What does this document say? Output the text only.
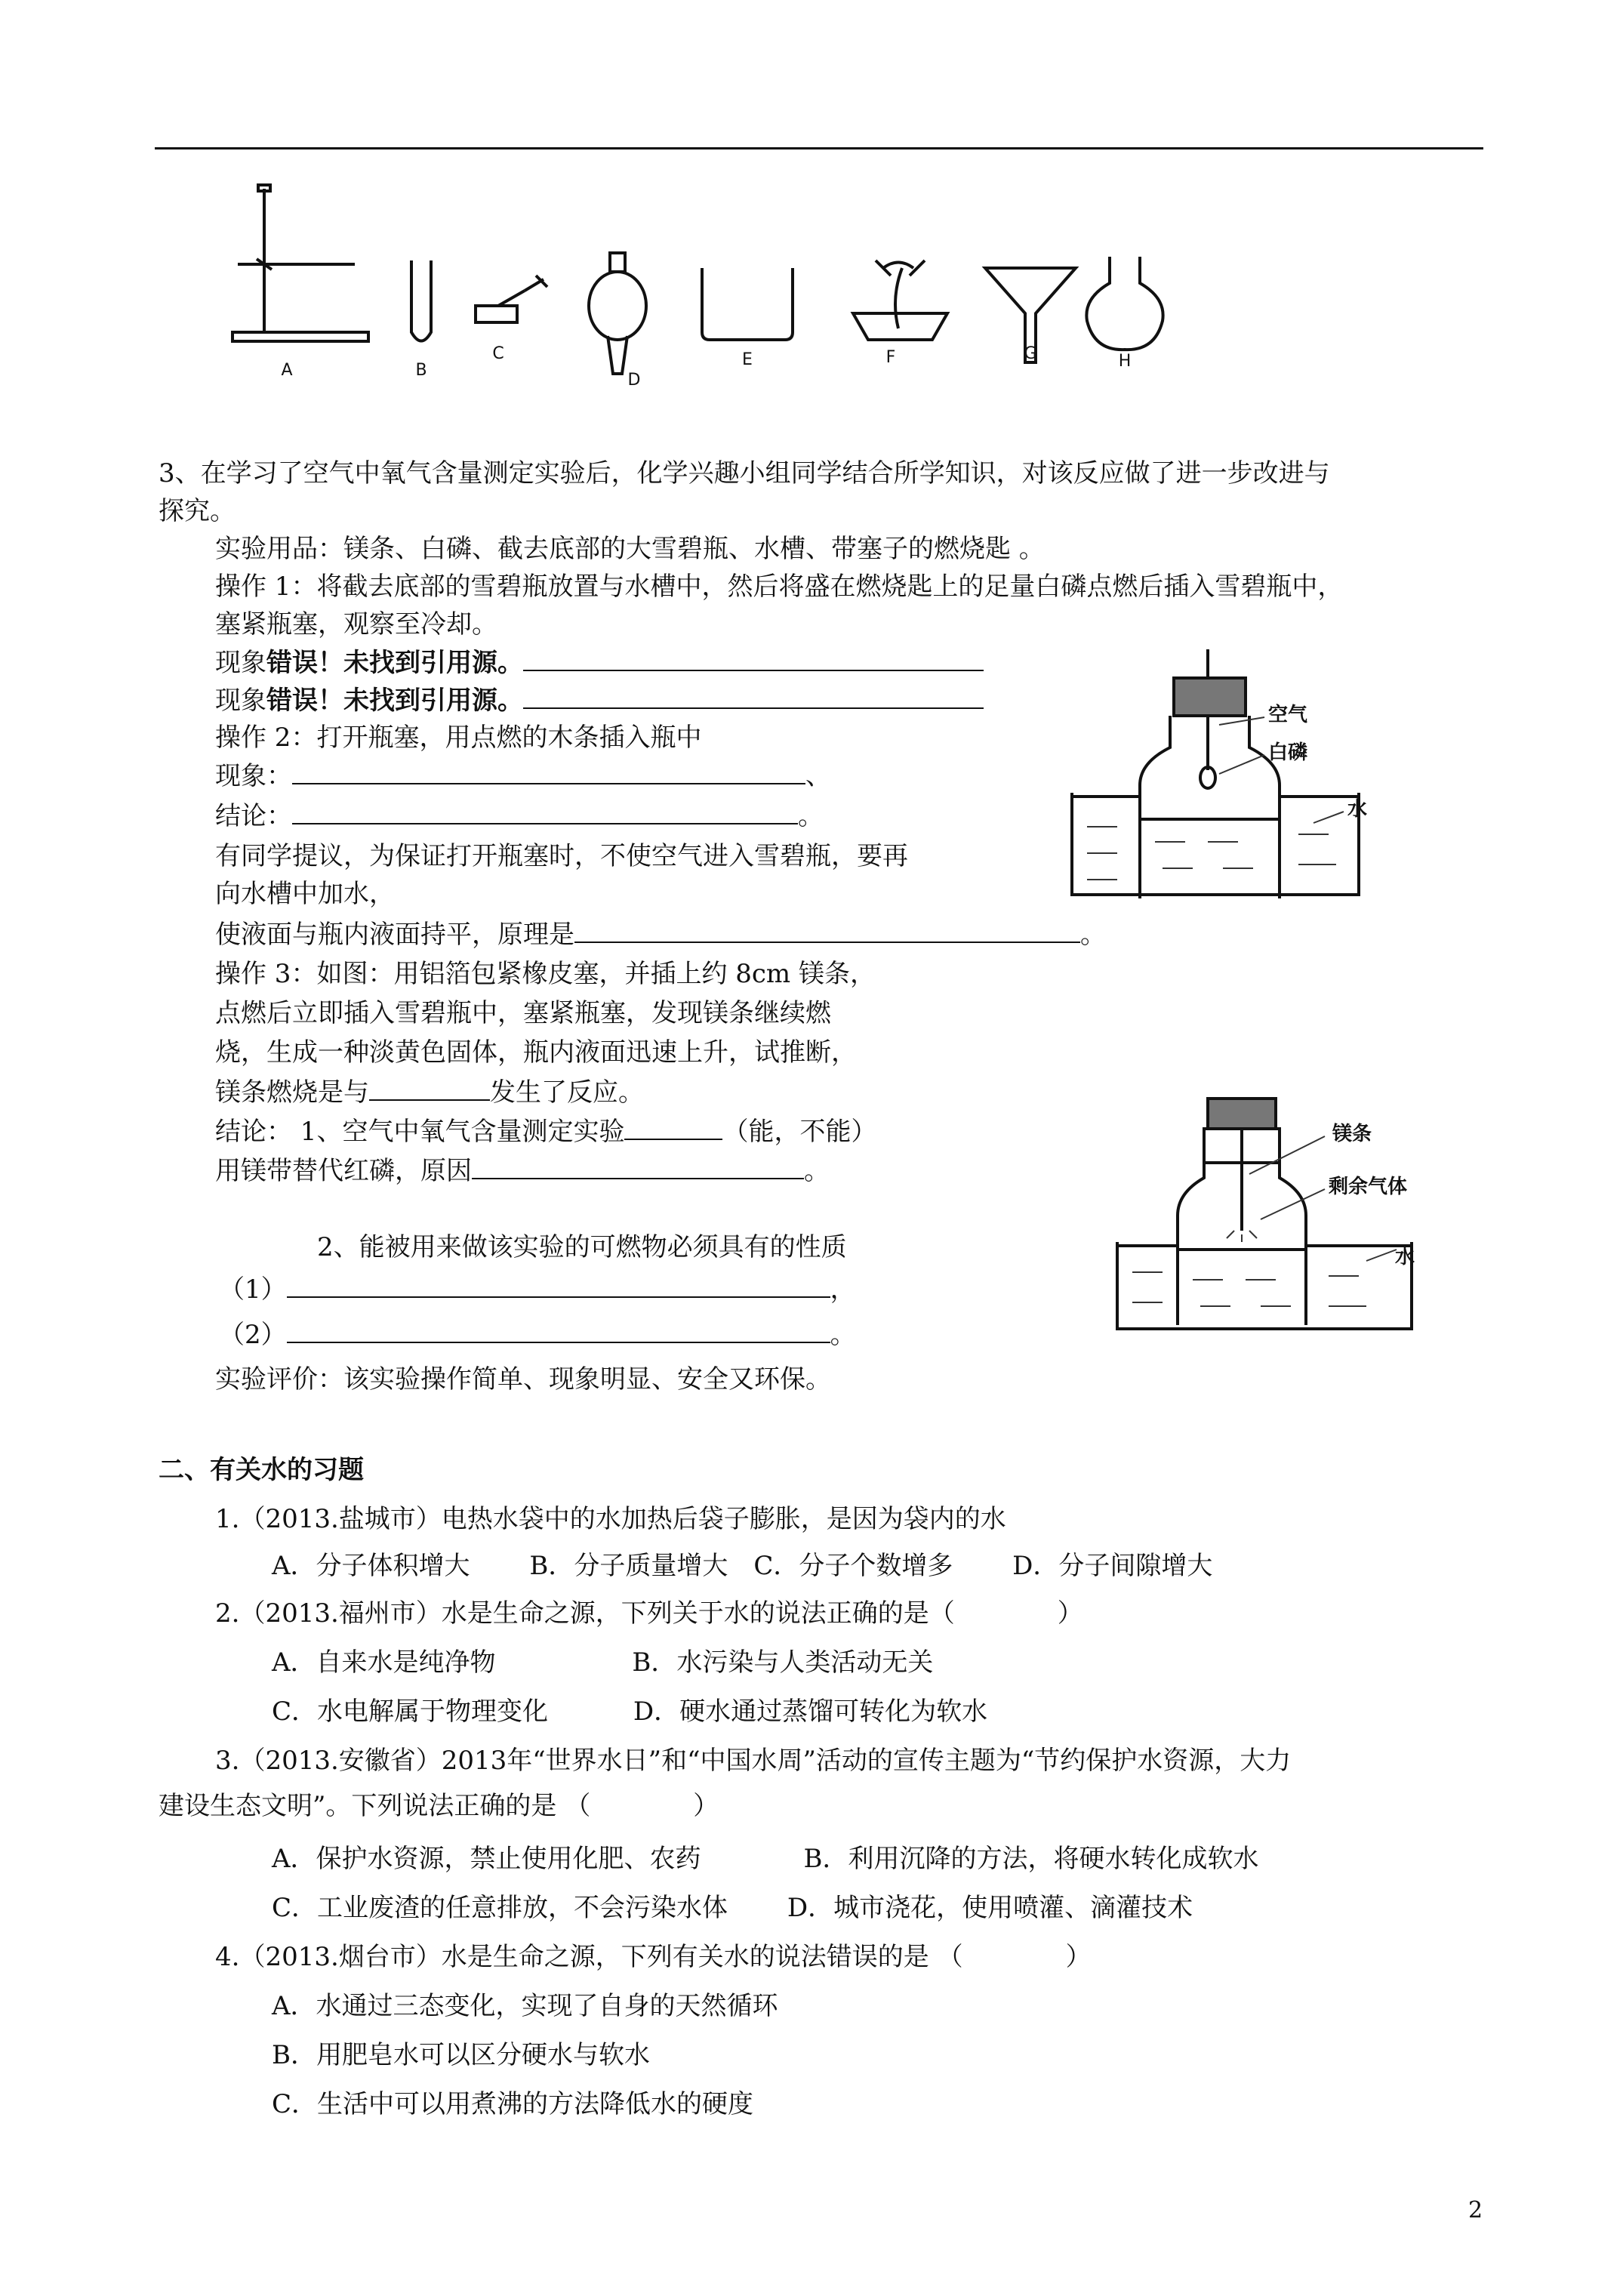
A	B
C
D
E	F	G	H
3、在学习了空气中氧气含量测定实验后，化学兴趣小组同学结合所学知识，对该反应做了进一步改进与
探究。
实验用品：镁条、白磷、截去底部的大雪碧瓶、水槽、带塞子的燃烧匙 。
操作 1：将截去底部的雪碧瓶放置与水槽中，然后将盛在燃烧匙上的足量白磷点燃后插入雪碧瓶中，
塞紧瓶塞，观察至冷却。
现象错误！未找到引用源。
现象错误！未找到引用源。
操作 2：打开瓶塞，用点燃的木条插入瓶中
现象：	、
结论：	。
有同学提议，为保证打开瓶塞时，不使空气进入雪碧瓶，要再
向水槽中加水，
使液面与瓶内液面持平，原理是	。
操作 3：如图：用铝箔包紧橡皮塞，并插上约 8cm 镁条，
点燃后立即插入雪碧瓶中，塞紧瓶塞，发现镁条继续燃
烧，生成一种淡黄色固体，瓶内液面迅速上升，试推断，
镁条燃烧是与	发生了反应。
结论： 1、空气中氧气含量测定实验	（能，不能）
用镁带替代红磷，原因	。
2、能被用来做该实验的可燃物必须具有的性质
（1）	，
（2）	。
实验评价：该实验操作简单、现象明显、安全又环保。
空气
白磷
水
镁条
剩余气体
水
二、有关水的习题
1.（2013.盐城市）电热水袋中的水加热后袋子膨胀，是因为袋内的水
A．分子体积增大　　 B．分子质量增大　C．分子个数增多　　 D．分子间隙增大
2.（2013.福州市）水是生命之源，下列关于水的说法正确的是（　　　　）
A．自来水是纯净物　　　　　 B．水污染与人类活动无关
C．水电解属于物理变化　　　 D．硬水通过蒸馏可转化为软水
3.（2013.安徽省）2013年“世界水日”和“中国水周”活动的宣传主题为“节约保护水资源，大力
建设生态文明”。下列说法正确的是 （　　　　）
A．保护水资源，禁止使用化肥、农药　　　　B．利用沉降的方法，将硬水转化成软水
C．工业废渣的任意排放，不会污染水体　　 D．城市浇花，使用喷灌、滴灌技术
4.（2013.烟台市）水是生命之源，下列有关水的说法错误的是 （　　　　）
A．水通过三态变化，实现了自身的天然循环
B．用肥皂水可以区分硬水与软水
C．生活中可以用煮沸的方法降低水的硬度
2
